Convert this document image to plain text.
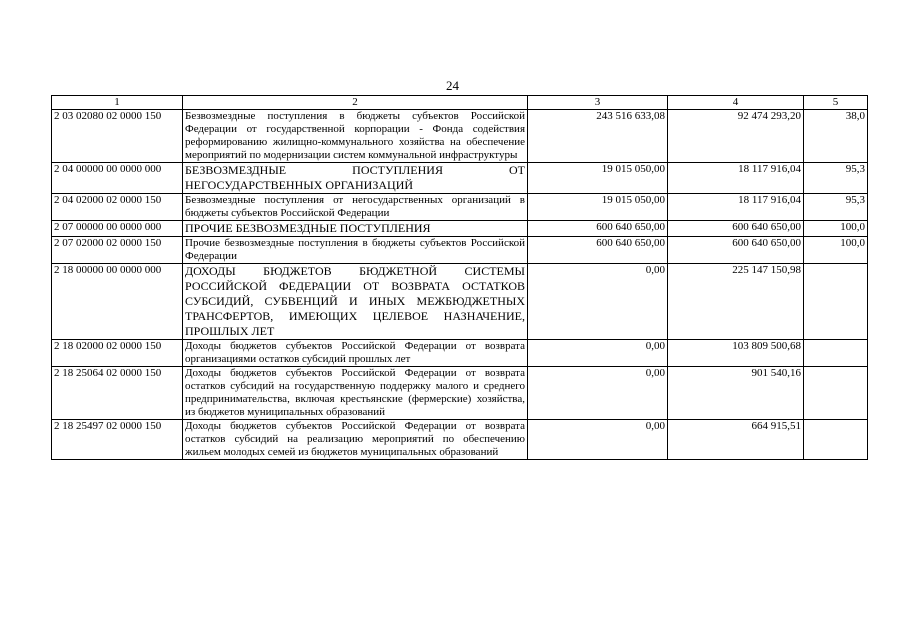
24
1	2	3	4	5
2 03 02080 02 0000 150	Безвозмездные поступления в бюджеты субъектов Российской Федерации от государственной корпорации - Фонда содействия реформированию жилищно-коммунального хозяйства на обеспечение мероприятий по модернизации систем коммунальной инфраструктуры	243 516 633,08	92 474 293,20	38,0
2 04 00000 00 0000 000	БЕЗВОЗМЕЗДНЫЕ ПОСТУПЛЕНИЯ ОТ НЕГОСУДАРСТВЕННЫХ ОРГАНИЗАЦИЙ	19 015 050,00	18 117 916,04	95,3
2 04 02000 02 0000 150	Безвозмездные поступления от негосударственных организаций в бюджеты субъектов Российской Федерации	19 015 050,00	18 117 916,04	95,3
2 07 00000 00 0000 000	ПРОЧИЕ БЕЗВОЗМЕЗДНЫЕ ПОСТУПЛЕНИЯ	600 640 650,00	600 640 650,00	100,0
2 07 02000 02 0000 150	Прочие безвозмездные поступления в бюджеты субъектов Российской Федерации	600 640 650,00	600 640 650,00	100,0
2 18 00000 00 0000 000	ДОХОДЫ БЮДЖЕТОВ БЮДЖЕТНОЙ СИСТЕМЫ РОССИЙСКОЙ ФЕДЕРАЦИИ ОТ ВОЗВРАТА ОСТАТКОВ СУБСИДИЙ, СУБВЕНЦИЙ И ИНЫХ МЕЖБЮДЖЕТНЫХ ТРАНСФЕРТОВ, ИМЕЮЩИХ ЦЕЛЕВОЕ НАЗНАЧЕНИЕ, ПРОШЛЫХ ЛЕТ	0,00	225 147 150,98	
2 18 02000 02 0000 150	Доходы бюджетов субъектов Российской Федерации от возврата организациями остатков субсидий прошлых лет	0,00	103 809 500,68	
2 18 25064 02 0000 150	Доходы бюджетов субъектов Российской Федерации от возврата остатков субсидий на государственную поддержку малого и среднего предпринимательства, включая крестьянские (фермерские) хозяйства, из бюджетов муниципальных образований	0,00	901 540,16	
2 18 25497 02 0000 150	Доходы бюджетов субъектов Российской Федерации от возврата остатков субсидий на реализацию мероприятий по обеспечению жильем молодых семей из бюджетов муниципальных образований	0,00	664 915,51	
